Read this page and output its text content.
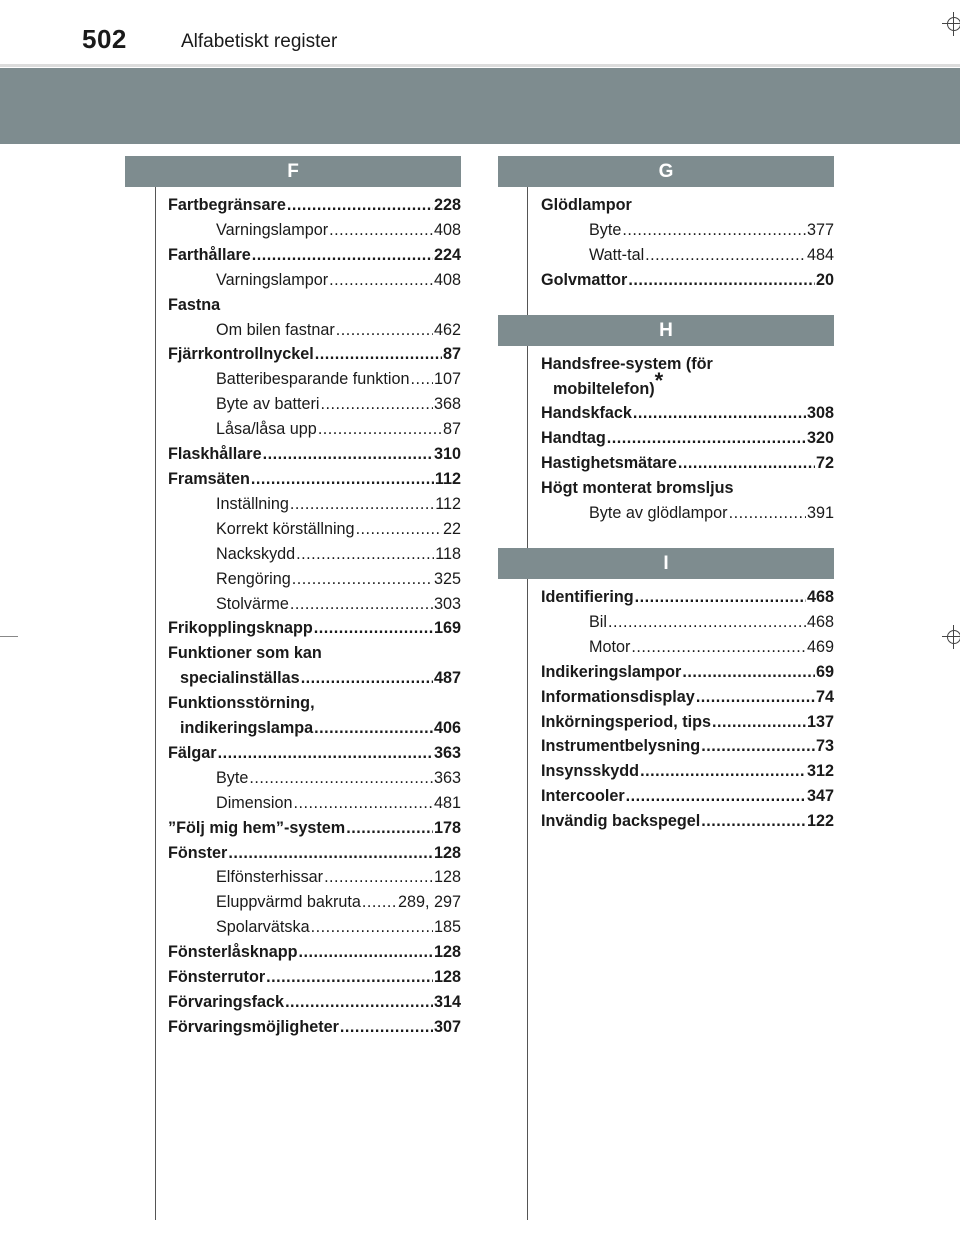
502	Alfabetiskt register
F
Fartbegränsare .....	228
Varningslampor .....	408
Farthållare .....	224
Varningslampor .....	408
Fastna
Om bilen fastnar .....	462
Fjärrkontrollnyckel .....	87
Batteribesparande funktion ..... 107
Byte av batteri .....	368
Låsa/låsa upp .....	87
Flaskhållare .....	310
Framsäten .....	112
Inställning .....	112
Korrekt körställning .....	22
Nackskydd .....	118
Rengöring .....	325
Stolvärme .....	303
Frikopplingsknapp .....	169
Funktioner som kan
specialinställas .....	487
Funktionsstörning,
indikeringslampa .....	406
Fälgar .....	363
Byte .....	363
Dimension .....	481
”Följ mig hem”-system .....	178
Fönster .....	128
Elfönsterhissar .....	128
Eluppvärmd bakruta ..... 289, 297
Spolarvätska .....	185
Fönsterlåsknapp .....	128
Fönsterrutor .....	128
Förvaringsfack .....	314
Förvaringsmöjligheter .....	307
G
Glödlampor
Byte .....	377
Watt-tal .....	484
Golvmattor .....	20
H
Handsfree-system (för
mobiltelefon)*
Handskfack .....	308
Handtag .....	320
Hastighetsmätare .....	72
Högt monterat bromsljus
Byte av glödlampor .....	391
I
Identifiering .....	468
Bil .....	468
Motor .....	469
Indikeringslampor .....	69
Informationsdisplay .....	74
Inkörningsperiod, tips .....	137
Instrumentbelysning .....	73
Insynsskydd .....	312
Intercooler .....	347
Invändig backspegel .....	122
